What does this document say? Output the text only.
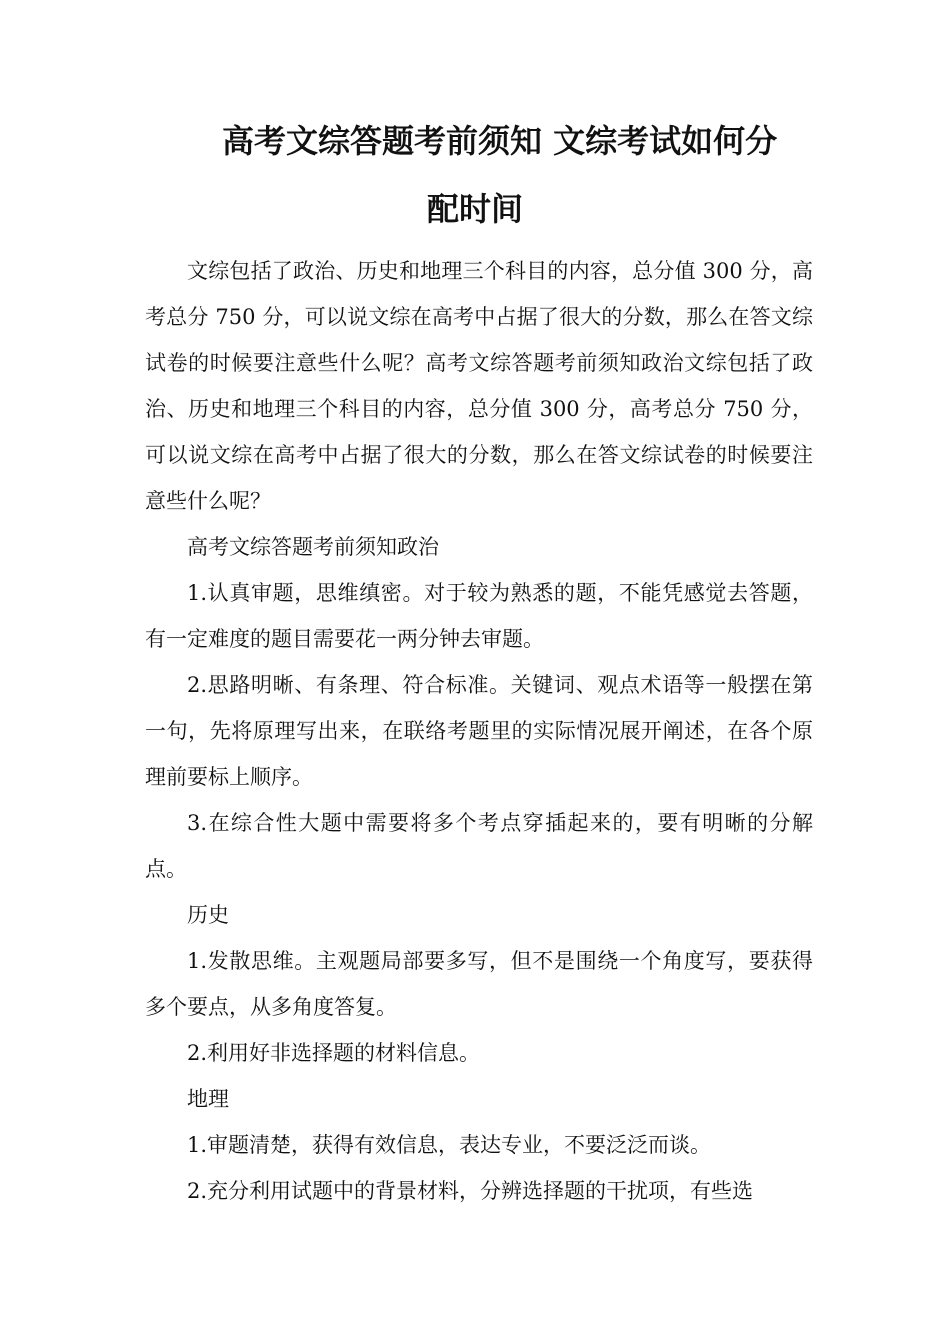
高考文综答题考前须知 文综考试如何分
配时间

文综包括了政治、历史和地理三个科目的内容，总分值 300 分，高考总分 750 分，可以说文综在高考中占据了很大的分数，那么在答文综试卷的时候要注意些什么呢？高考文综答题考前须知政治文综包括了政治、历史和地理三个科目的内容，总分值 300 分，高考总分 750 分，可以说文综在高考中占据了很大的分数，那么在答文综试卷的时候要注意些什么呢？

高考文综答题考前须知政治

1.认真审题，思维缜密。对于较为熟悉的题，不能凭感觉去答题，有一定难度的题目需要花一两分钟去审题。

2.思路明晰、有条理、符合标准。关键词、观点术语等一般摆在第一句，先将原理写出来，在联络考题里的实际情况展开阐述，在各个原理前要标上顺序。

3.在综合性大题中需要将多个考点穿插起来的，要有明晰的分解点。

历史

1.发散思维。主观题局部要多写，但不是围绕一个角度写，要获得多个要点，从多角度答复。

2.利用好非选择题的材料信息。

地理

1.审题清楚，获得有效信息，表达专业，不要泛泛而谈。

2.充分利用试题中的背景材料，分辨选择题的干扰项，有些选
